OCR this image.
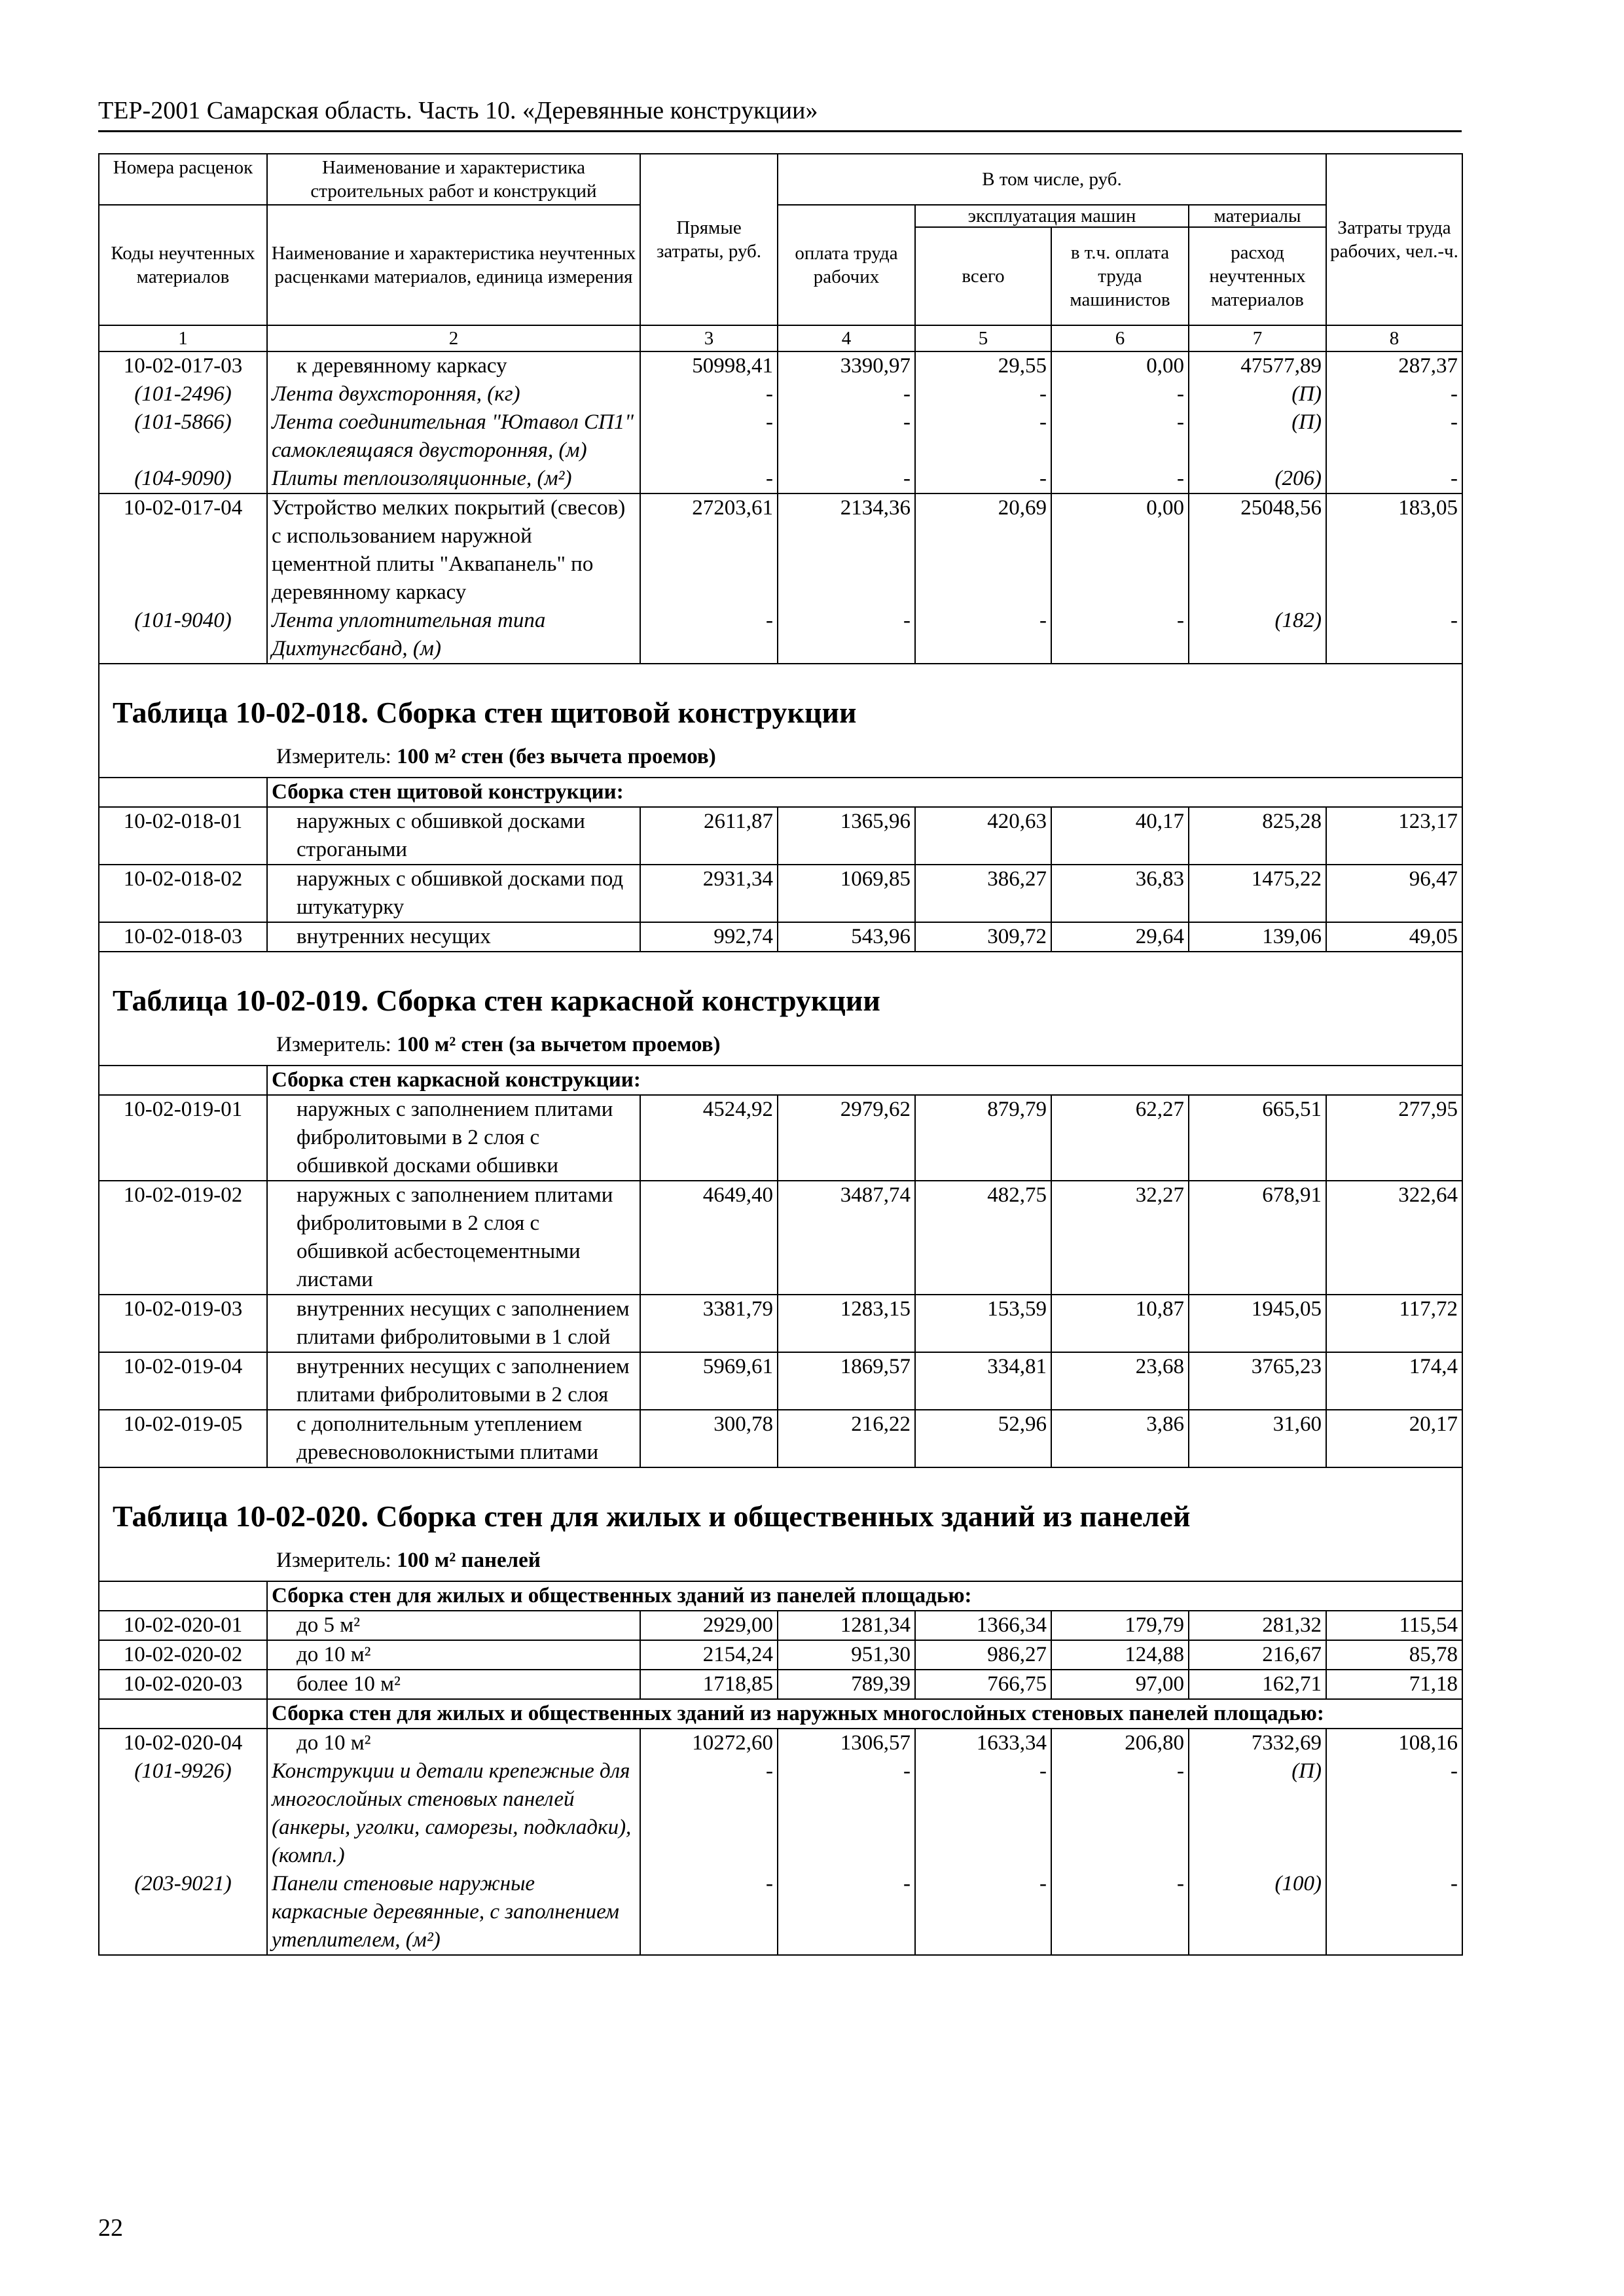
ТЕР-2001 Самарская область. Часть 10. «Деревянные конструкции»
Номера расценок	Наименование и характеристика строительных работ и конструкций	Прямые затраты, руб.	В том числе, руб.				Затраты труда рабочих, чел.-ч.
Коды неучтенных материалов	Наименование и характеристика неучтенных расценками материалов, единица измерения		оплата труда рабочих	эксплуатация машин		материалы	
				всего	в т.ч. оплата труда машинистов	расход неучтенных материалов	
1	2	3	4	5	6	7	8
10-02-017-03	к деревянному каркасу	50998,41	3390,97	29,55	0,00	47577,89	287,37
(101-2496)	Лента двухсторонняя, (кг)	-	-	-	-	(П)	-
(101-5866)	Лента соединительная "Ютавол СП1" самоклеящаяся двусторонняя, (м)	-	-	-	-	(П)	-
(104-9090)	Плиты теплоизоляционные, (м²)	-	-	-	-	(206)	-
10-02-017-04	Устройство мелких покрытий (свесов) с использованием наружной цементной плиты "Аквапанель" по деревянному каркасу	27203,61	2134,36	20,69	0,00	25048,56	183,05
(101-9040)	Лента уплотнительная типа Дихтунгсбанд, (м)	-	-	-	-	(182)	-

Таблица 10-02-018. Сборка стен щитовой конструкции
Измеритель: 100 м² стен (без вычета проемов)							

	Сборка стен щитовой конструкции:						
10-02-018-01	наружных с обшивкой досками строгаными	2611,87	1365,96	420,63	40,17	825,28	123,17
10-02-018-02	наружных с обшивкой досками под штукатурку	2931,34	1069,85	386,27	36,83	1475,22	96,47
10-02-018-03	внутренних несущих	992,74	543,96	309,72	29,64	139,06	49,05

Таблица 10-02-019. Сборка стен каркасной конструкции
Измеритель: 100 м² стен (за вычетом проемов)							

	Сборка стен каркасной конструкции:						
10-02-019-01	наружных с заполнением плитами фибролитовыми в 2 слоя с обшивкой досками обшивки	4524,92	2979,62	879,79	62,27	665,51	277,95
10-02-019-02	наружных с заполнением плитами фибролитовыми в 2 слоя с обшивкой асбестоцементными листами	4649,40	3487,74	482,75	32,27	678,91	322,64
10-02-019-03	внутренних несущих с заполнением плитами фибролитовыми в 1 слой	3381,79	1283,15	153,59	10,87	1945,05	117,72
10-02-019-04	внутренних несущих с заполнением плитами фибролитовыми в 2 слоя	5969,61	1869,57	334,81	23,68	3765,23	174,4
10-02-019-05	с дополнительным утеплением древесноволокнистыми плитами	300,78	216,22	52,96	3,86	31,60	20,17

Таблица 10-02-020. Сборка стен для жилых и общественных зданий из панелей
Измеритель: 100 м² панелей							

	Сборка стен для жилых и общественных зданий из панелей площадью:						
10-02-020-01	до 5 м²	2929,00	1281,34	1366,34	179,79	281,32	115,54
10-02-020-02	до 10 м²	2154,24	951,30	986,27	124,88	216,67	85,78
10-02-020-03	более 10 м²	1718,85	789,39	766,75	97,00	162,71	71,18
	Сборка стен для жилых и общественных зданий из наружных многослойных стеновых панелей площадью:						
10-02-020-04	до 10 м²	10272,60	1306,57	1633,34	206,80	7332,69	108,16
(101-9926)	Конструкции и детали крепежные для многослойных стеновых панелей (анкеры, уголки, саморезы, подкладки), (компл.)	-	-	-	-	(П)	-
(203-9021)	Панели стеновые наружные каркасные деревянные, с заполнением утеплителем, (м²)	-	-	-	-	(100)	-
22
